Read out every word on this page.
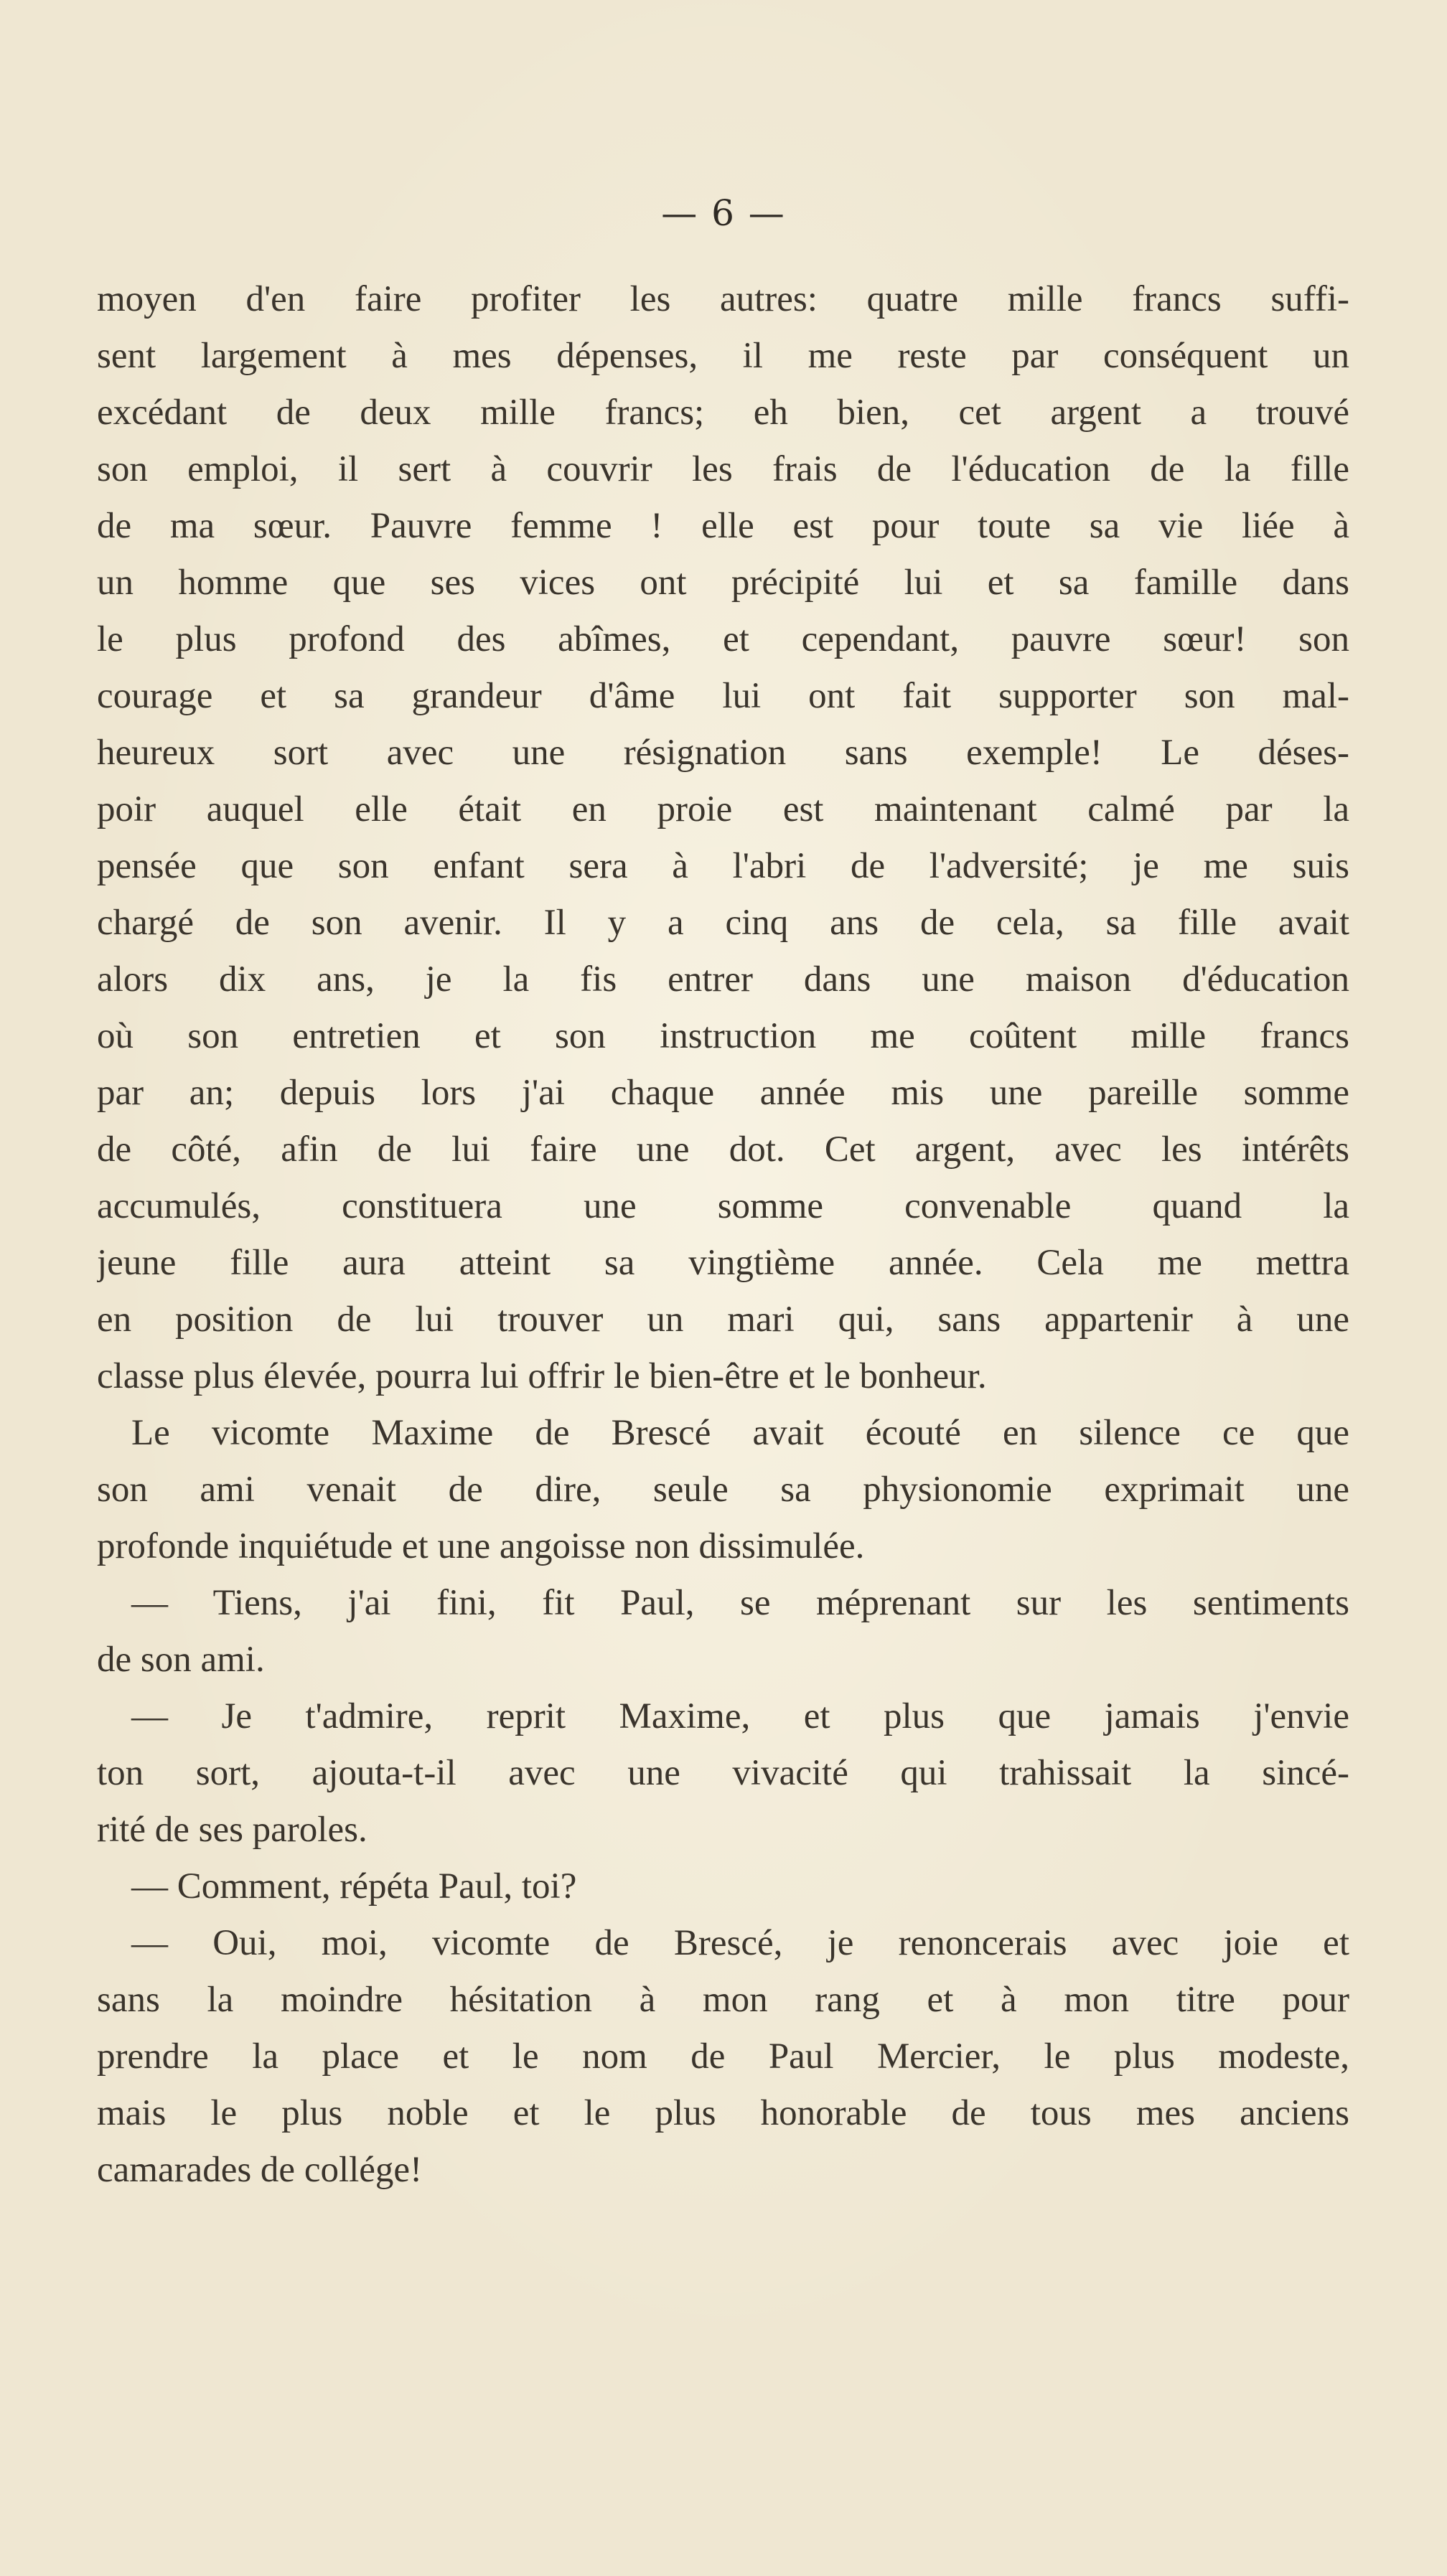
— 6 —
moyen d'en faire profiter les autres: quatre mille francs suffi-
sent largement à mes dépenses, il me reste par conséquent un
excédant de deux mille francs; eh bien, cet argent a trouvé
son emploi, il sert à couvrir les frais de l'éducation de la fille
de ma sœur. Pauvre femme ! elle est pour toute sa vie liée à
un homme que ses vices ont précipité lui et sa famille dans
le plus profond des abîmes, et cependant, pauvre sœur! son
courage et sa grandeur d'âme lui ont fait supporter son mal-
heureux sort avec une résignation sans exemple! Le déses-
poir auquel elle était en proie est maintenant calmé par la
pensée que son enfant sera à l'abri de l'adversité; je me suis
chargé de son avenir. Il y a cinq ans de cela, sa fille avait
alors dix ans, je la fis entrer dans une maison d'éducation
où son entretien et son instruction me coûtent mille francs
par an; depuis lors j'ai chaque année mis une pareille somme
de côté, afin de lui faire une dot. Cet argent, avec les intérêts
accumulés, constituera une somme convenable quand la
jeune fille aura atteint sa vingtième année. Cela me mettra
en position de lui trouver un mari qui, sans appartenir à une
classe plus élevée, pourra lui offrir le bien-être et le bonheur.
Le vicomte Maxime de Brescé avait écouté en silence ce que
son ami venait de dire, seule sa physionomie exprimait une
profonde inquiétude et une angoisse non dissimulée.
— Tiens, j'ai fini, fit Paul, se méprenant sur les sentiments
de son ami.
— Je t'admire, reprit Maxime, et plus que jamais j'envie
ton sort, ajouta-t-il avec une vivacité qui trahissait la sincé-
rité de ses paroles.
— Comment, répéta Paul, toi?
— Oui, moi, vicomte de Brescé, je renoncerais avec joie et
sans la moindre hésitation à mon rang et à mon titre pour
prendre la place et le nom de Paul Mercier, le plus modeste,
mais le plus noble et le plus honorable de tous mes anciens
camarades de collége!
